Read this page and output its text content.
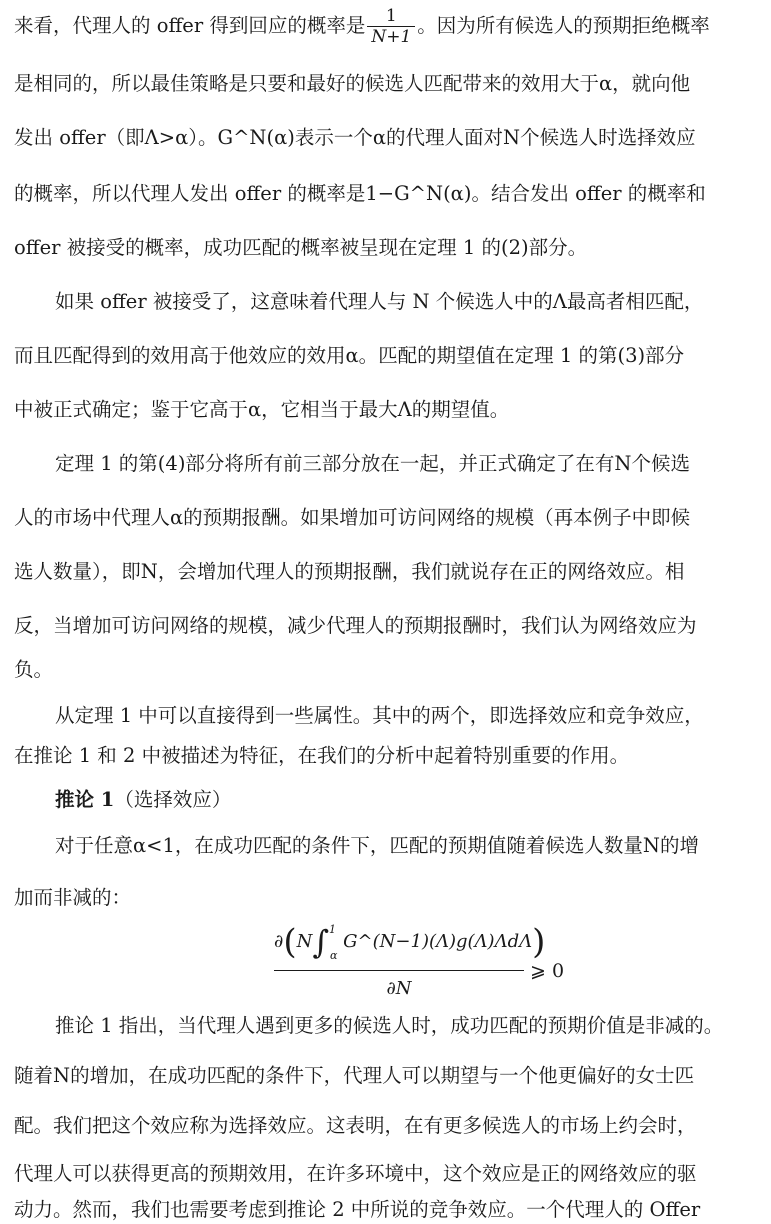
来看，代理人的 offer 得到回应的概率是 $\frac{1}{N+1}$ 。因为所有候选人的预期拒绝概率
是相同的，所以最佳策略是只要和最好的候选人匹配带来的效用大于α，就向他
发出 offer（即Λ>α）。G^N(α)表示一个α的代理人面对N个候选人时选择效应
的概率，所以代理人发出 offer 的概率是1−G^N(α)。结合发出 offer 的概率和
offer 被接受的概率，成功匹配的概率被呈现在定理 1 的(2)部分。
如果 offer 被接受了，这意味着代理人与 N 个候选人中的Λ最高者相匹配，
而且匹配得到的效用高于他效应的效用α。匹配的期望值在定理 1 的第(3)部分
中被正式确定；鉴于它高于α，它相当于最大Λ的期望值。
定理 1 的第(4)部分将所有前三部分放在一起，并正式确定了在有N个候选
人的市场中代理人α的预期报酬。如果增加可访问网络的规模（再本例子中即候
选人数量），即N，会增加代理人的预期报酬，我们就说存在正的网络效应。相
反，当增加可访问网络的规模，减少代理人的预期报酬时，我们认为网络效应为
负。
从定理 1 中可以直接得到一些属性。其中的两个，即选择效应和竞争效应，
在推论 1 和 2 中被描述为特征，在我们的分析中起着特别重要的作用。
推论 1（选择效应）
对于任意α<1，在成功匹配的条件下，匹配的预期值随着候选人数量N的增
加而非减的：
∂(N∫$^1_\alpha$ G^(N−1)(Λ)g(Λ)ΛdΛ)
∂N
⩾ 0
推论 1 指出，当代理人遇到更多的候选人时，成功匹配的预期价值是非减的。
随着N的增加，在成功匹配的条件下，代理人可以期望与一个他更偏好的女士匹
配。我们把这个效应称为选择效应。这表明，在有更多候选人的市场上约会时，
代理人可以获得更高的预期效用，在许多环境中，这个效应是正的网络效应的驱
动力。然而，我们也需要考虑到推论 2 中所说的竞争效应。一个代理人的 Offer
